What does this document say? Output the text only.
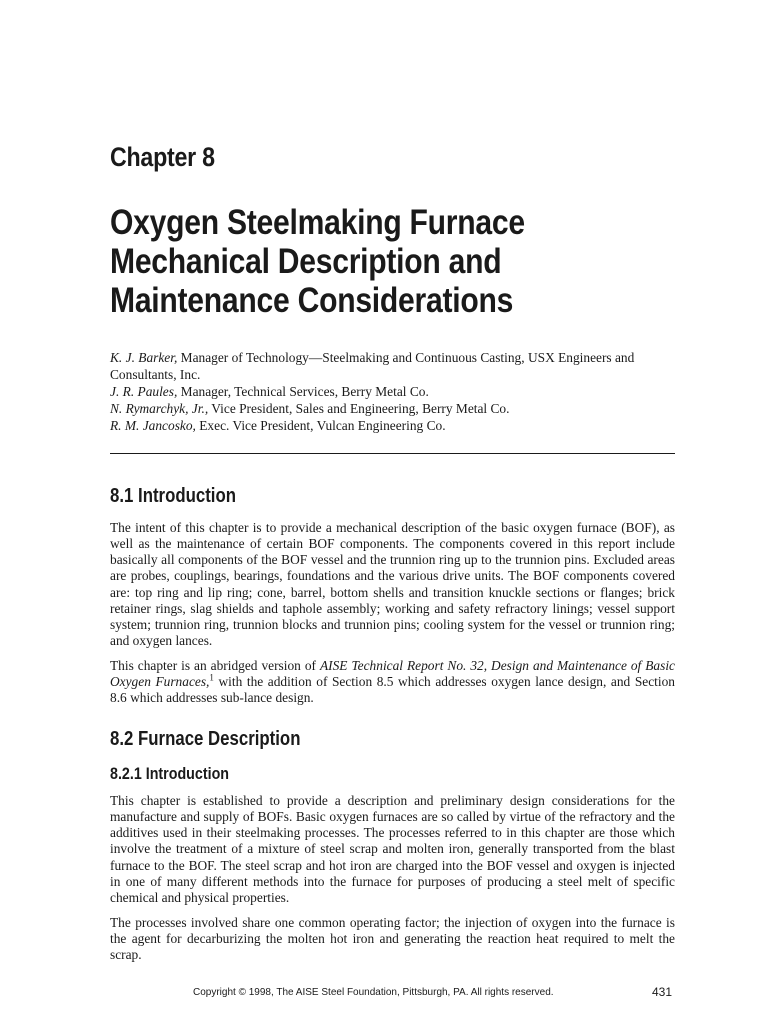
Chapter 8
Oxygen Steelmaking Furnace
Mechanical Description and
Maintenance Considerations
K. J. Barker, Manager of Technology—Steelmaking and Continuous Casting, USX Engineers and Consultants, Inc.
J. R. Paules, Manager, Technical Services, Berry Metal Co.
N. Rymarchyk, Jr., Vice President, Sales and Engineering, Berry Metal Co.
R. M. Jancosko, Exec. Vice President, Vulcan Engineering Co.
8.1 Introduction
The intent of this chapter is to provide a mechanical description of the basic oxygen furnace (BOF), as well as the maintenance of certain BOF components. The components covered in this report include basically all components of the BOF vessel and the trunnion ring up to the trunnion pins. Excluded areas are probes, couplings, bearings, foundations and the various drive units. The BOF components covered are: top ring and lip ring; cone, barrel, bottom shells and transition knuckle sections or flanges; brick retainer rings, slag shields and taphole assembly; working and safety refractory linings; vessel support system; trunnion ring, trunnion blocks and trunnion pins; cooling system for the vessel or trunnion ring; and oxygen lances.
This chapter is an abridged version of AISE Technical Report No. 32, Design and Maintenance of Basic Oxygen Furnaces,$^1$ with the addition of Section 8.5 which addresses oxygen lance design, and Section 8.6 which addresses sub-lance design.
8.2 Furnace Description
8.2.1 Introduction
This chapter is established to provide a description and preliminary design considerations for the manufacture and supply of BOFs. Basic oxygen furnaces are so called by virtue of the refractory and the additives used in their steelmaking processes. The processes referred to in this chapter are those which involve the treatment of a mixture of steel scrap and molten iron, generally transported from the blast furnace to the BOF. The steel scrap and hot iron are charged into the BOF vessel and oxygen is injected in one of many different methods into the furnace for purposes of producing a steel melt of specific chemical and physical properties.
The processes involved share one common operating factor; the injection of oxygen into the furnace is the agent for decarburizing the molten hot iron and generating the reaction heat required to melt the scrap.
Copyright © 1998, The AISE Steel Foundation, Pittsburgh, PA. All rights reserved.	431
